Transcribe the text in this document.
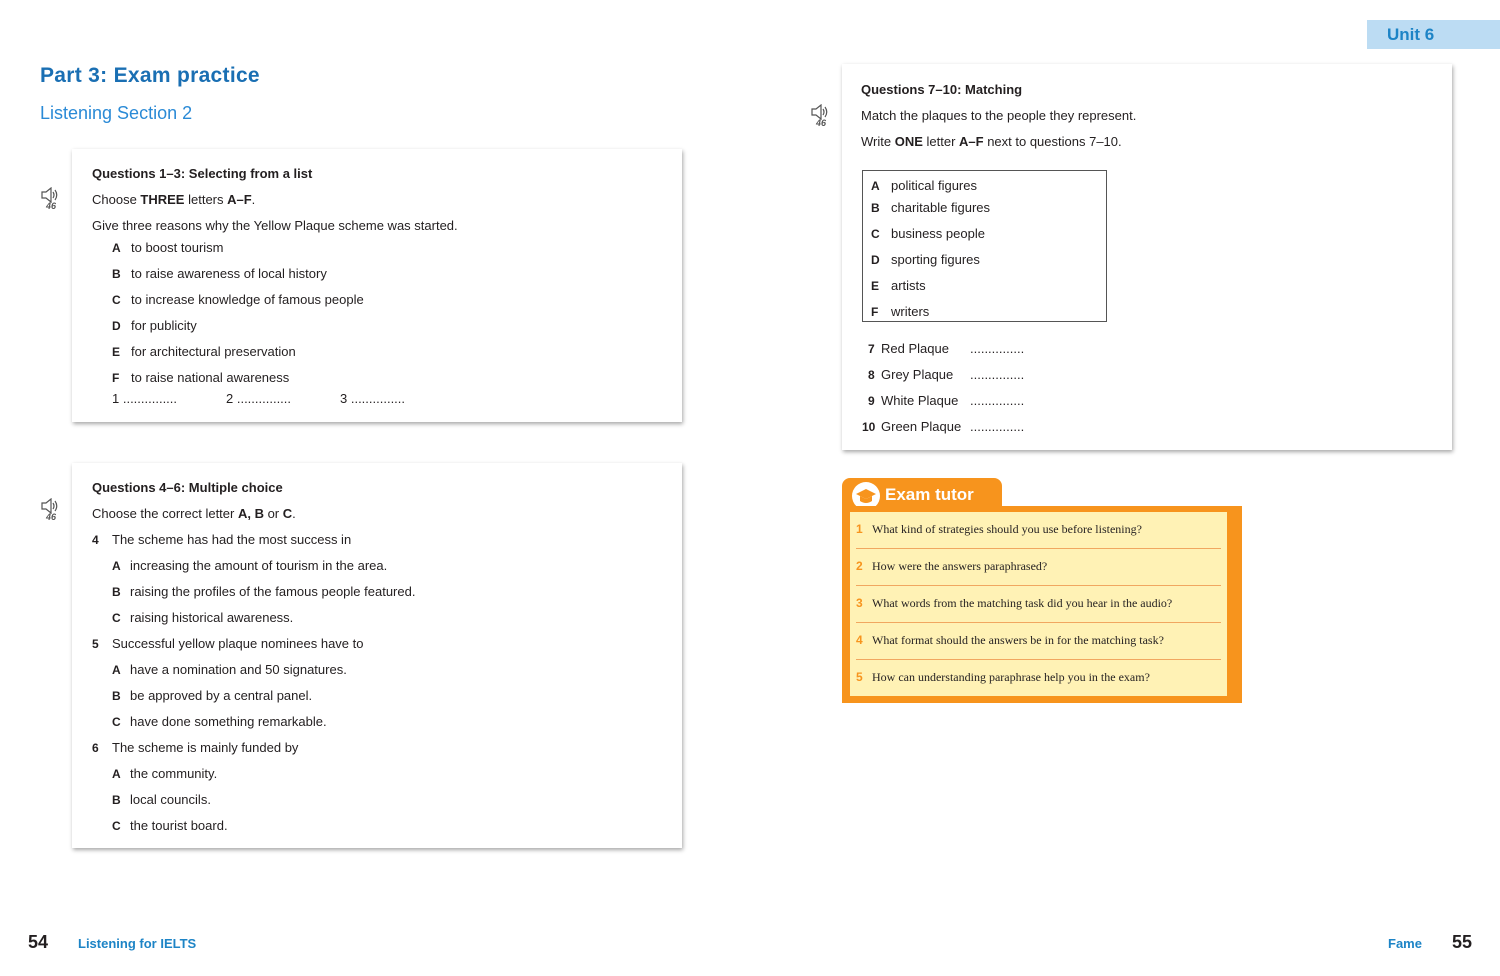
Unit 6
Part 3: Exam practice
Listening Section 2
46
46
46
Questions 1–3: Selecting from a list
Choose THREE letters A–F.
Give three reasons why the Yellow Plaque scheme was started.
A to boost tourism
B to raise awareness of local history
C to increase knowledge of famous people
D for publicity
E for architectural preservation
F to raise national awareness
1 ...............	2 ...............	3 ...............
Questions 4–6: Multiple choice
Choose the correct letter A, B or C.
4 The scheme has had the most success in
A increasing the amount of tourism in the area.
B raising the profiles of the famous people featured.
C raising historical awareness.
5 Successful yellow plaque nominees have to
A have a nomination and 50 signatures.
B be approved by a central panel.
C have done something remarkable.
6 The scheme is mainly funded by
A the community.
B local councils.
C the tourist board.
Questions 7–10: Matching
Match the plaques to the people they represent.
Write ONE letter A–F next to questions 7–10.
A political figures
B charitable figures
C business people
D sporting figures
E artists
F writers
7 Red Plaque ...............
8 Grey Plaque ...............
9 White Plaque ...............
10 Green Plaque ...............
Exam tutor
1 What kind of strategies should you use before listening?
2 How were the answers paraphrased?
3 What words from the matching task did you hear in the audio?
4 What format should the answers be in for the matching task?
5 How can understanding paraphrase help you in the exam?
54 Listening for IELTS	Fame 55
